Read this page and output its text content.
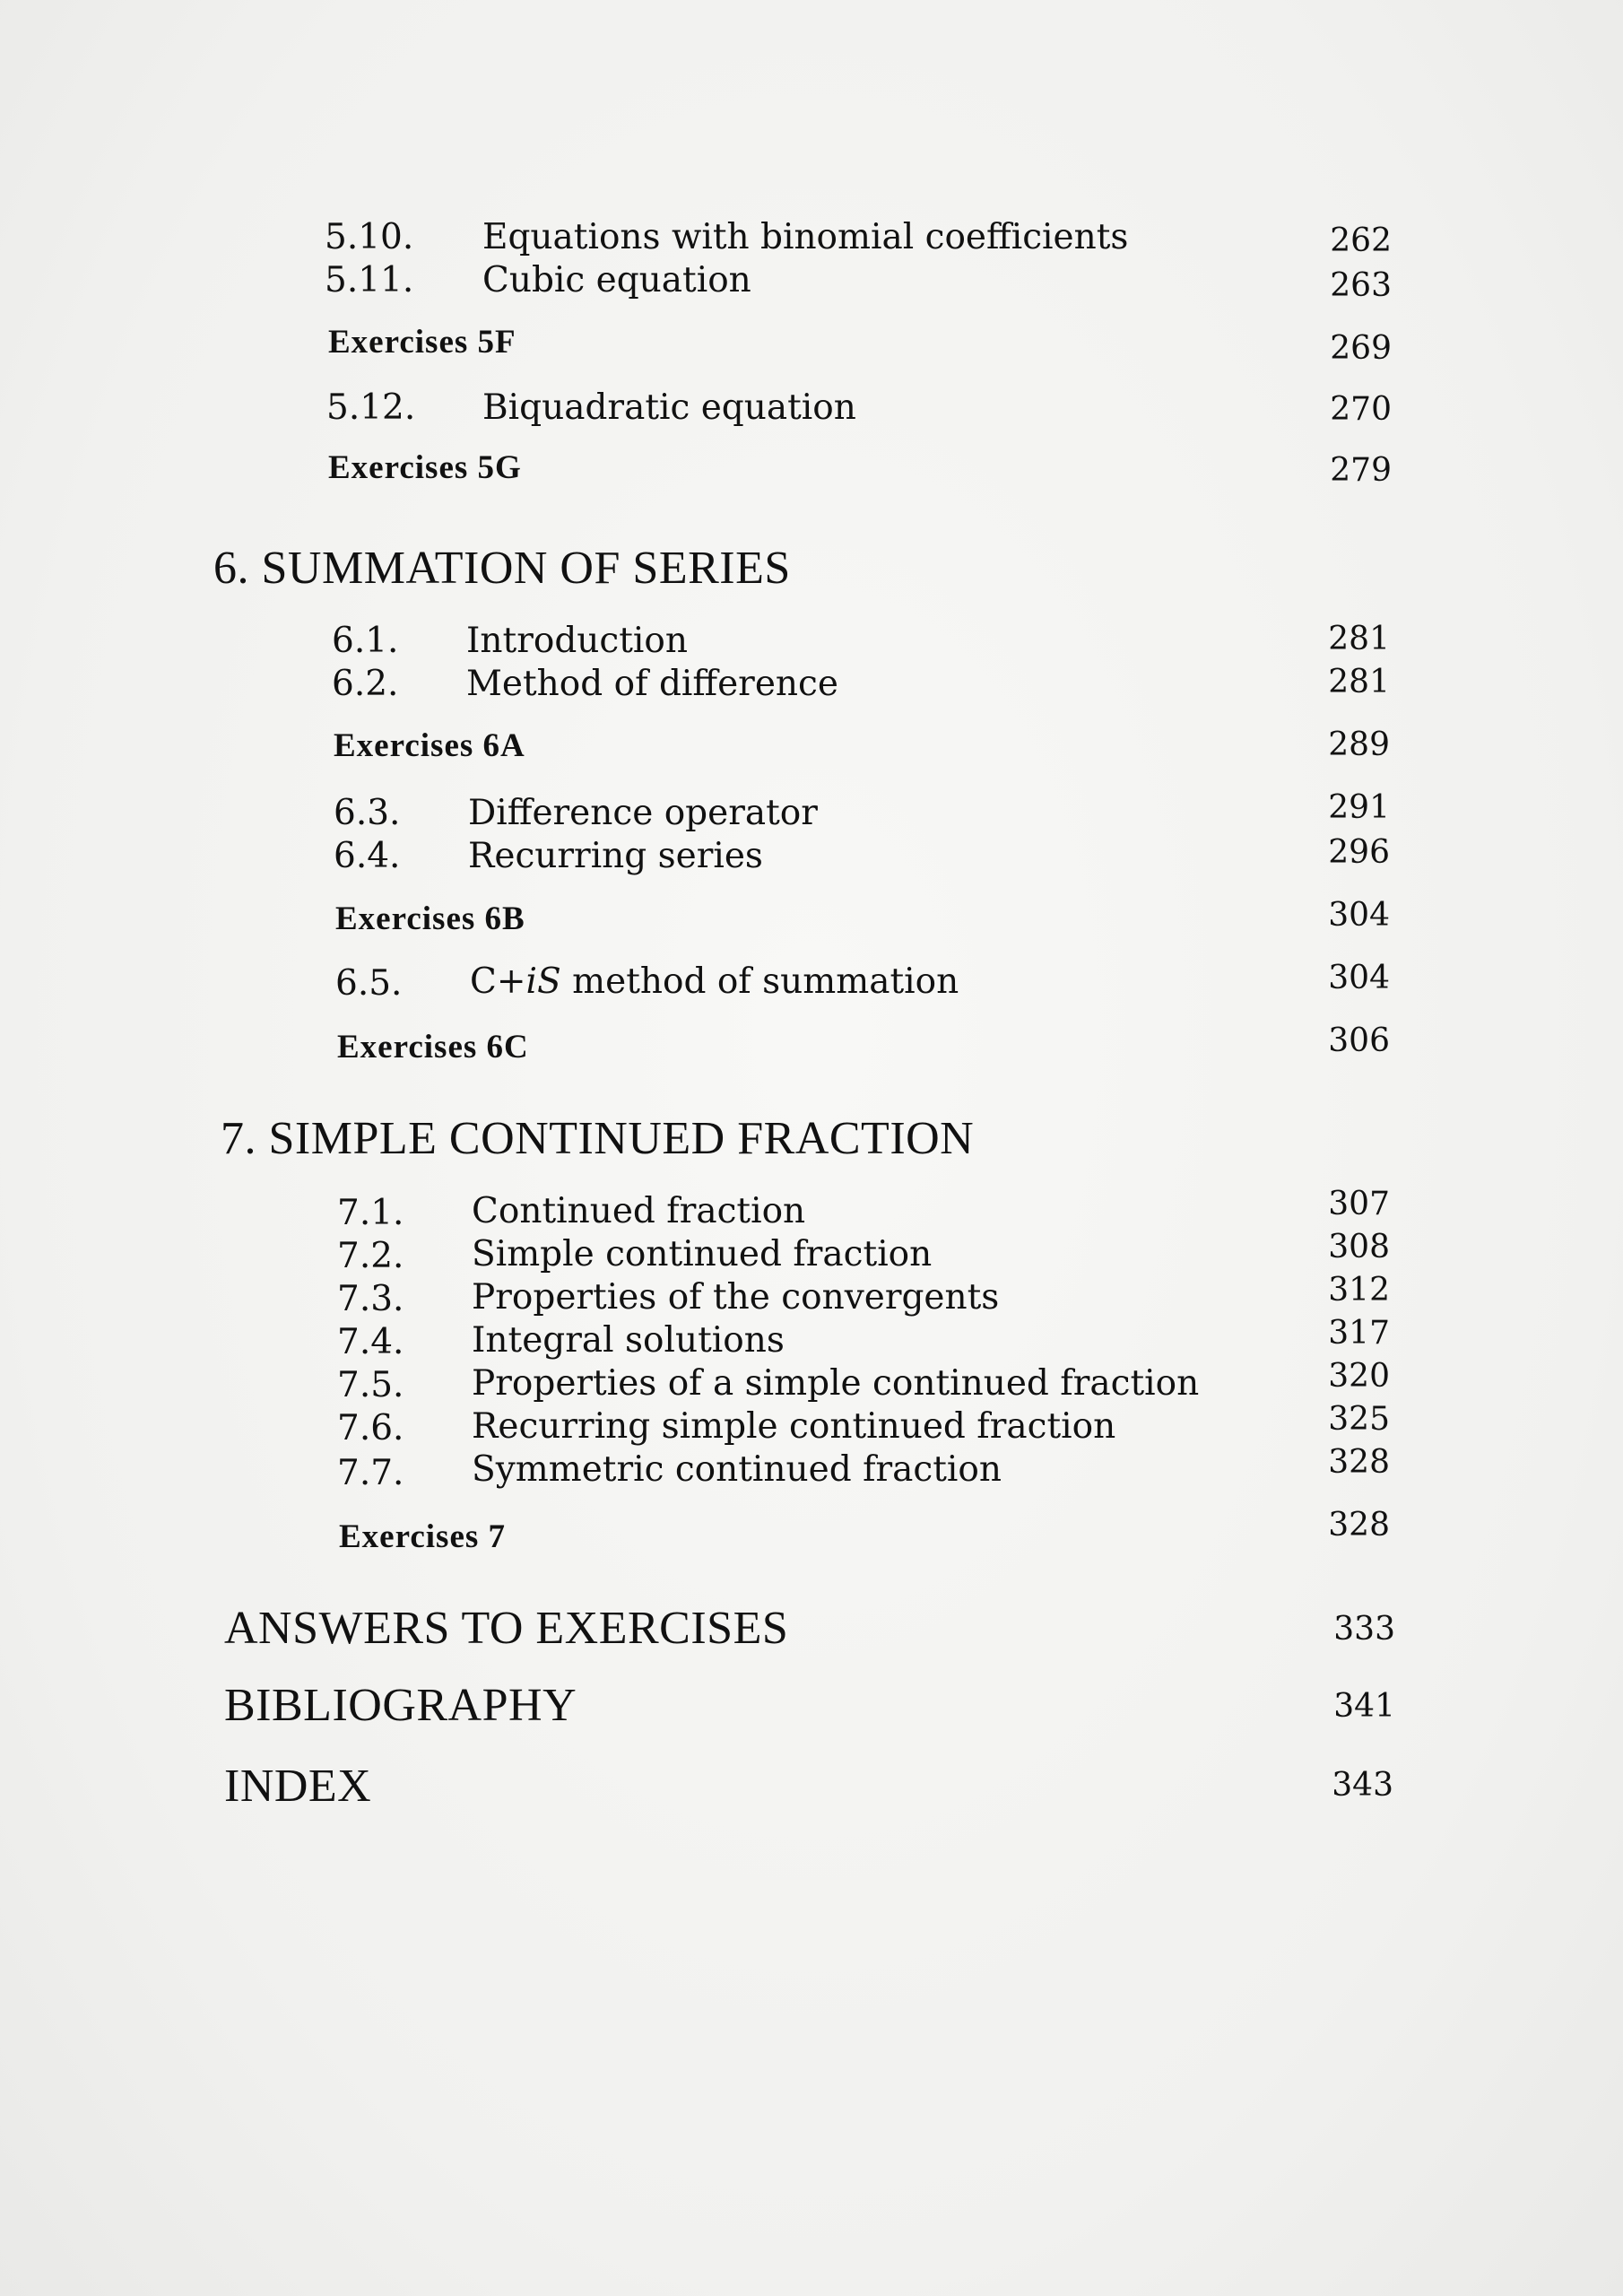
5.10. Equations with binomial coefficients	262
5.11. Cubic equation	263
Exercises 5F	269
5.12. Biquadratic equation	270
Exercises 5G	279
6. SUMMATION OF SERIES
6.1. Introduction	281
6.2. Method of difference	281
Exercises 6A	289
6.3. Difference operator	291
6.4. Recurring series	296
Exercises 6B	304
6.5. C+iS method of summation	304
Exercises 6C	306
7. SIMPLE CONTINUED FRACTION
7.1. Continued fraction	307
7.2. Simple continued fraction	308
7.3. Properties of the convergents	312
7.4. Integral solutions	317
7.5. Properties of a simple continued fraction	320
7.6. Recurring simple continued fraction	325
7.7. Symmetric continued fraction	328
Exercises 7	328
ANSWERS TO EXERCISES	333
BIBLIOGRAPHY	341
INDEX	343
